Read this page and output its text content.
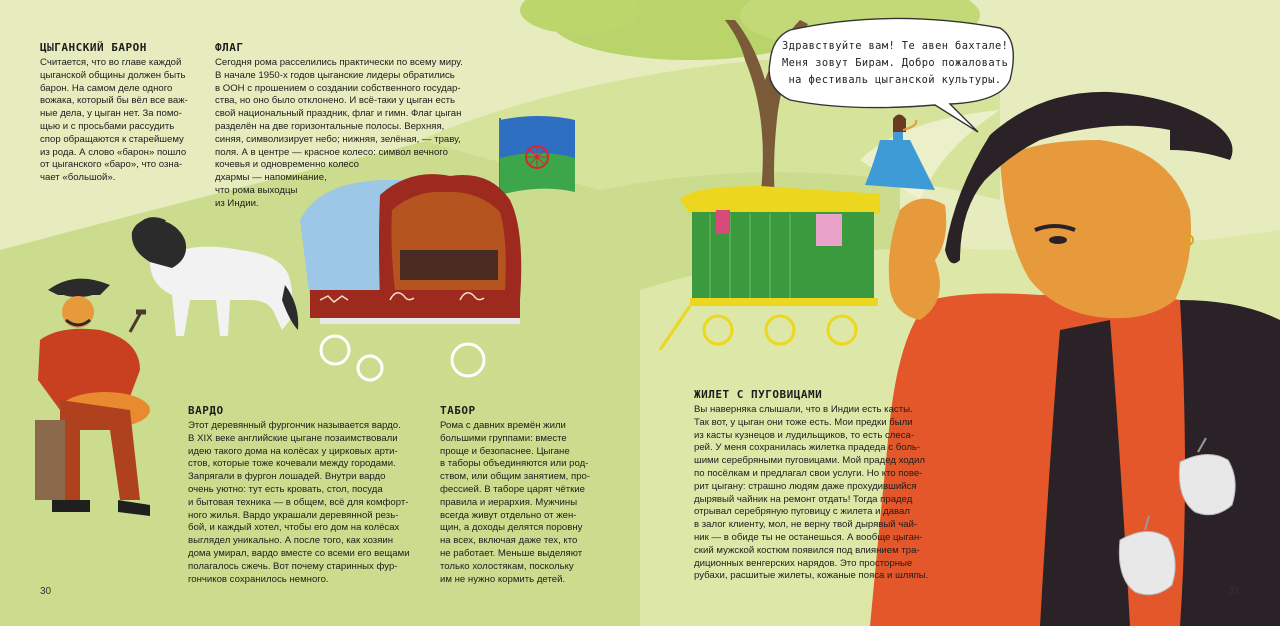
Здравствуйте вам! Те авен бахтале!
Меня зовут Бирам. Добро пожаловать
на фестиваль цыганской культуры.
ЦЫГАНСКИЙ БАРОН
Считается, что во главе каждой
цыганской общины должен быть
барон. На самом деле одного
вожака, который бы вёл все важ-
ные дела, у цыган нет. За помо-
щью и с просьбами рассудить
спор обращаются к старейшему
из рода. А слово «барон» пошло
от цыганского «баро», что озна-
чает «большой».
ФЛАГ
Сегодня рома расселились практически по всему миру.
В начале 1950-х годов цыганские лидеры обратились
в ООН с прошением о создании собственного государ-
ства, но оно было отклонено. И всё-таки у цыган есть
свой национальный праздник, флаг и гимн. Флаг цыган
разделён на две горизонтальные полосы. Верхняя,
синяя, символизирует небо; нижняя, зелёная, — траву,
поля. А в центре — красное колесо: символ вечного
кочевья и одновременно колесо
дхармы — напоминание,
что рома выходцы
из Индии.
ВАРДО
Этот деревянный фургончик называется вардо.
В XIX веке английские цыгане позаимствовали
идею такого дома на колёсах у цирковых арти-
стов, которые тоже кочевали между городами.
Запрягали в фургон лошадей. Внутри вардо
очень уютно: тут есть кровать, стол, посуда
и бытовая техника — в общем, всё для комфорт-
ного жилья. Вардо украшали деревянной резь-
бой, и каждый хотел, чтобы его дом на колёсах
выглядел уникально. А после того, как хозяин
дома умирал, вардо вместе со всеми его вещами
полагалось сжечь. Вот почему старинных фур-
гончиков сохранилось немного.
ТАБОР
Рома с давних времён жили
большими группами: вместе
проще и безопаснее. Цыгане
в таборы объединяются или род-
ством, или общим занятием, про-
фессией. В таборе царят чёткие
правила и иерархия. Мужчины
всегда живут отдельно от жен-
щин, а доходы делятся поровну
на всех, включая даже тех, кто
не работает. Меньше выделяют
только холостякам, поскольку
им не нужно кормить детей.
ЖИЛЕТ С ПУГОВИЦАМИ
Вы наверняка слышали, что в Индии есть касты.
Так вот, у цыган они тоже есть. Мои предки были
из касты кузнецов и лудильщиков, то есть слеса-
рей. У меня сохранилась жилетка прадеда с боль-
шими серебряными пуговицами. Мой прадед ходил
по посёлкам и предлагал свои услуги. Но кто пове-
рит цыгану: страшно людям даже прохудившийся
дырявый чайник на ремонт отдать! Тогда прадед
отрывал серебряную пуговицу с жилета и давал
в залог клиенту, мол, не верну твой дырявый чай-
ник — в обиде ты не останешься. А вообще цыган-
ский мужской костюм появился под влиянием тра-
диционных венгерских нарядов. Это просторные
рубахи, расшитые жилеты, кожаные пояса и шляпы.
30	31
